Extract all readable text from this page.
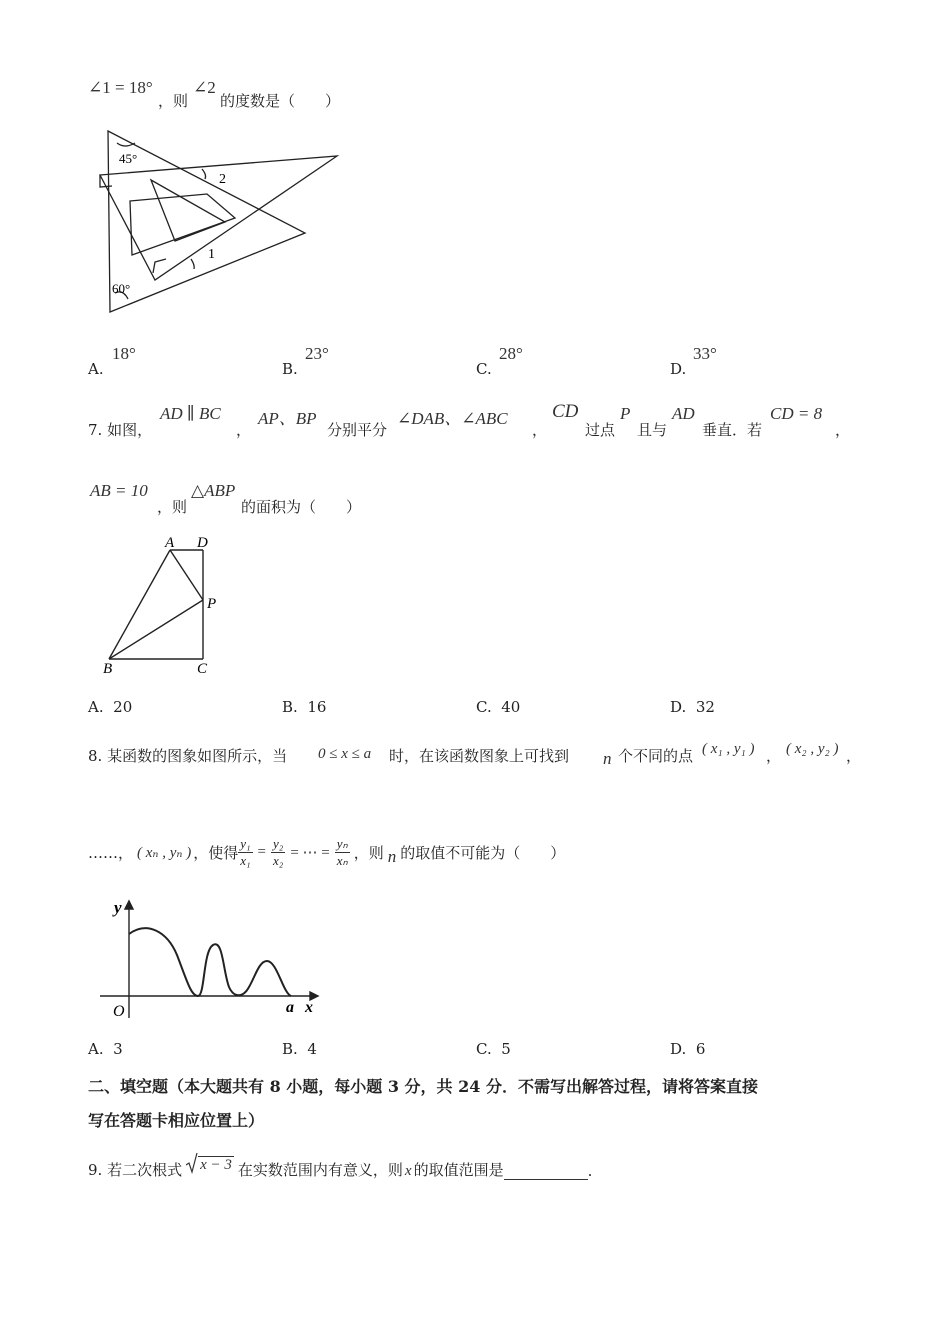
∠1 = 18°
，则
∠2
的度数是（　　）
45°
60°
1
2
A.
18°
B.
23°
C.
28°
D.
33°
7. 如图，
AD ∥ BC
，
AP、BP
分别平分
∠DAB、∠ABC
，
CD
过点
P
且与
AD
垂直．若
CD = 8
，
AB = 10
，则
△ABP
的面积为（　　）
A D
P
B	C
A. 20	B. 16	C. 40	D. 32
8. 某函数的图象如图所示，当 0 ≤ x ≤ a 时，在该函数图象上可找到 n 个不同的点 ( x₁ , y₁ ) ， ( x₂ , y₂ ) ，
……， ( xₙ , yₙ ) ，使得 $\frac{\text{y₁}}{\text{x₁}} = \frac{\text{y₂}}{\text{x₂}}$ = ⋯ = $\frac{\text{yₙ}}{\text{xₙ}}$ ，则 n 的取值不可能为（　　）
y
O	a x
A. 3	B. 4	C. 5	D. 6
二、填空题（本大题共有 8 小题，每小题 3 分，共 24 分．不需写出解答过程，请将答案直接
写在答题卡相应位置上）
9. 若二次根式	x − 3 在实数范围内有意义，则 x 的取值范围是	.
